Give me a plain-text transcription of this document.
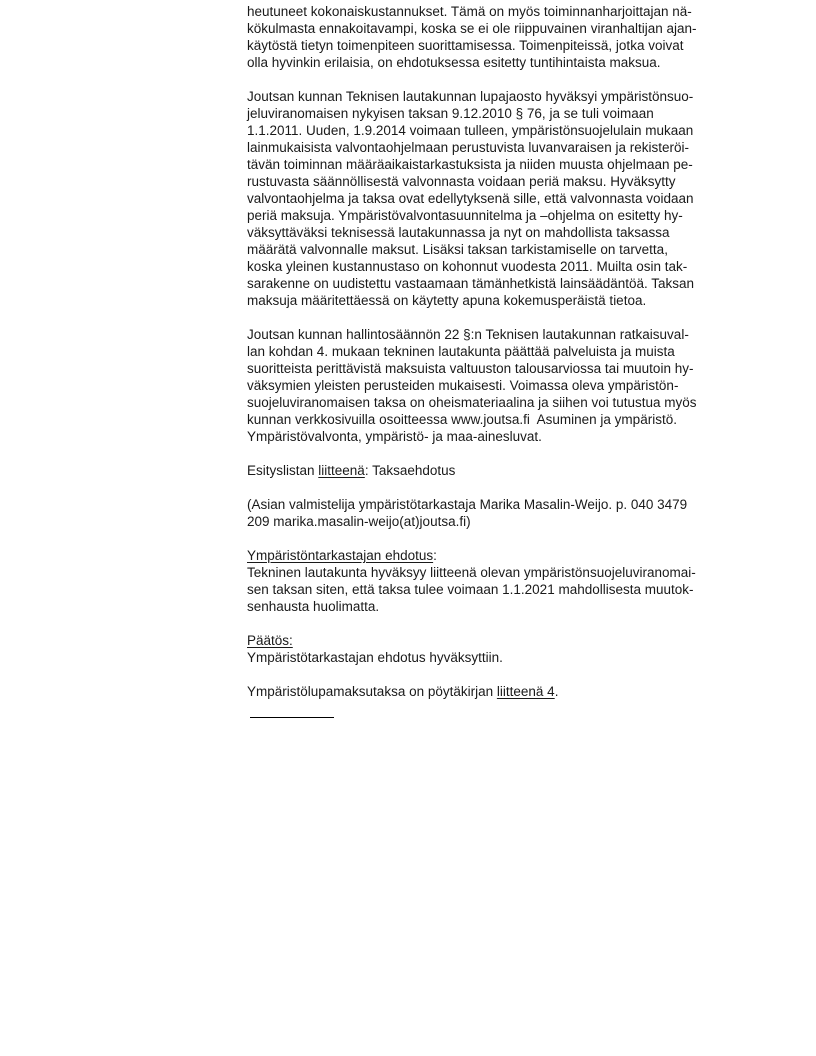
heutuneet kokonaiskustannukset. Tämä on myös toiminnanharjoittajan nä-
kökulmasta ennakoitavampi, koska se ei ole riippuvainen viranhaltijan ajan-
käytöstä tietyn toimenpiteen suorittamisessa. Toimenpiteissä, jotka voivat
olla hyvinkin erilaisia, on ehdotuksessa esitetty tuntihintaista maksua.
Joutsan kunnan Teknisen lautakunnan lupajaosto hyväksyi ympäristönsuo-
jeluviranomaisen nykyisen taksan 9.12.2010 § 76, ja se tuli voimaan
1.1.2011. Uuden, 1.9.2014 voimaan tulleen, ympäristönsuojelulain mukaan
lainmukaisista valvontaohjelmaan perustuvista luvanvaraisen ja rekisteröi-
tävän toiminnan määräaikaistarkastuksista ja niiden muusta ohjelmaan pe-
rustuvasta säännöllisestä valvonnasta voidaan periä maksu. Hyväksytty
valvontaohjelma ja taksa ovat edellytyksenä sille, että valvonnasta voidaan
periä maksuja. Ympäristövalvontasuunnitelma ja –ohjelma on esitetty hy-
väksyttäväksi teknisessä lautakunnassa ja nyt on mahdollista taksassa
määrätä valvonnalle maksut. Lisäksi taksan tarkistamiselle on tarvetta,
koska yleinen kustannustaso on kohonnut vuodesta 2011. Muilta osin tak-
sarakenne on uudistettu vastaamaan tämänhetkistä lainsäädäntöä. Taksan
maksuja määritettäessä on käytetty apuna kokemusperäistä tietoa.
Joutsan kunnan hallintosäännön 22 §:n Teknisen lautakunnan ratkaisuval-
lan kohdan 4. mukaan tekninen lautakunta päättää palveluista ja muista
suoritteista perittävistä maksuista valtuuston talousarviossa tai muutoin hy-
väksymien yleisten perusteiden mukaisesti. Voimassa oleva ympäristön-
suojeluviranomaisen taksa on oheismateriaalina ja siihen voi tutustua myös
kunnan verkkosivuilla osoitteessa www.joutsa.fi  Asuminen ja ympäristö.
Ympäristövalvonta, ympäristö- ja maa-ainesluvat.
Esityslistan liitteenä: Taksaehdotus
(Asian valmistelija ympäristötarkastaja Marika Masalin-Weijo. p. 040 3479
209 marika.masalin-weijo(at)joutsa.fi)
Ympäristöntarkastajan ehdotus:
Tekninen lautakunta hyväksyy liitteenä olevan ympäristönsuojeluviranomai-
sen taksan siten, että taksa tulee voimaan 1.1.2021 mahdollisesta muutok-
senhausta huolimatta.
Päätös:
Ympäristötarkastajan ehdotus hyväksyttiin.
Ympäristölupamaksutaksa on pöytäkirjan liitteenä 4.
